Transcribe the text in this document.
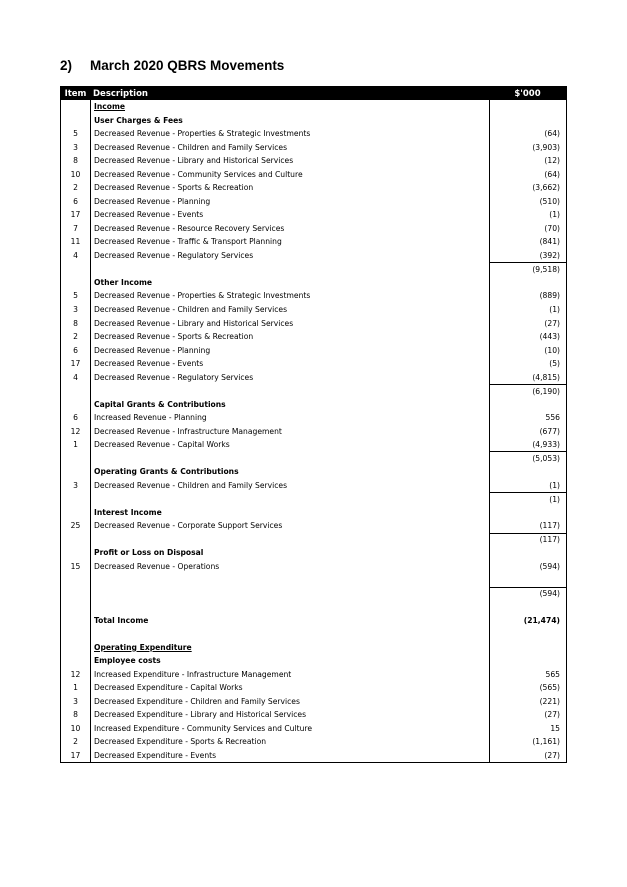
2) March 2020 QBRS Movements
Item Description	$'000
Income
User Charges & Fees
5	Decreased Revenue - Properties & Strategic Investments	(64)
3	Decreased Revenue - Children and Family Services	(3,903)
8	Decreased Revenue - Library and Historical Services	(12)
10	Decreased Revenue - Community Services and Culture	(64)
2	Decreased Revenue - Sports & Recreation	(3,662)
6	Decreased Revenue - Planning	(510)
17	Decreased Revenue - Events	(1)
7	Decreased Revenue - Resource Recovery Services	(70)
11	Decreased Revenue - Traffic & Transport Planning	(841)
4	Decreased Revenue - Regulatory Services	(392)
(9,518)
Other Income
5	Decreased Revenue - Properties & Strategic Investments	(889)
3	Decreased Revenue - Children and Family Services	(1)
8	Decreased Revenue - Library and Historical Services	(27)
2	Decreased Revenue - Sports & Recreation	(443)
6	Decreased Revenue - Planning	(10)
17	Decreased Revenue - Events	(5)
4	Decreased Revenue - Regulatory Services	(4,815)
(6,190)
Capital Grants & Contributions
6	Increased Revenue - Planning	556
12	Decreased Revenue - Infrastructure Management	(677)
1	Decreased Revenue - Capital Works	(4,933)
(5,053)
Operating Grants & Contributions
3	Decreased Revenue - Children and Family Services	(1)
(1)
Interest Income
25	Decreased Revenue - Corporate Support Services	(117)
(117)
Profit or Loss on Disposal
15	Decreased Revenue - Operations	(594)
(594)
Total Income	(21,474)
Operating Expenditure
Employee costs
12	Increased Expenditure - Infrastructure Management	565
1	Decreased Expenditure - Capital Works	(565)
3	Decreased Expenditure - Children and Family Services	(221)
8	Decreased Expenditure - Library and Historical Services	(27)
10	Increased Expenditure - Community Services and Culture	15
2	Decreased Expenditure - Sports & Recreation	(1,161)
17	Decreased Expenditure - Events	(27)
